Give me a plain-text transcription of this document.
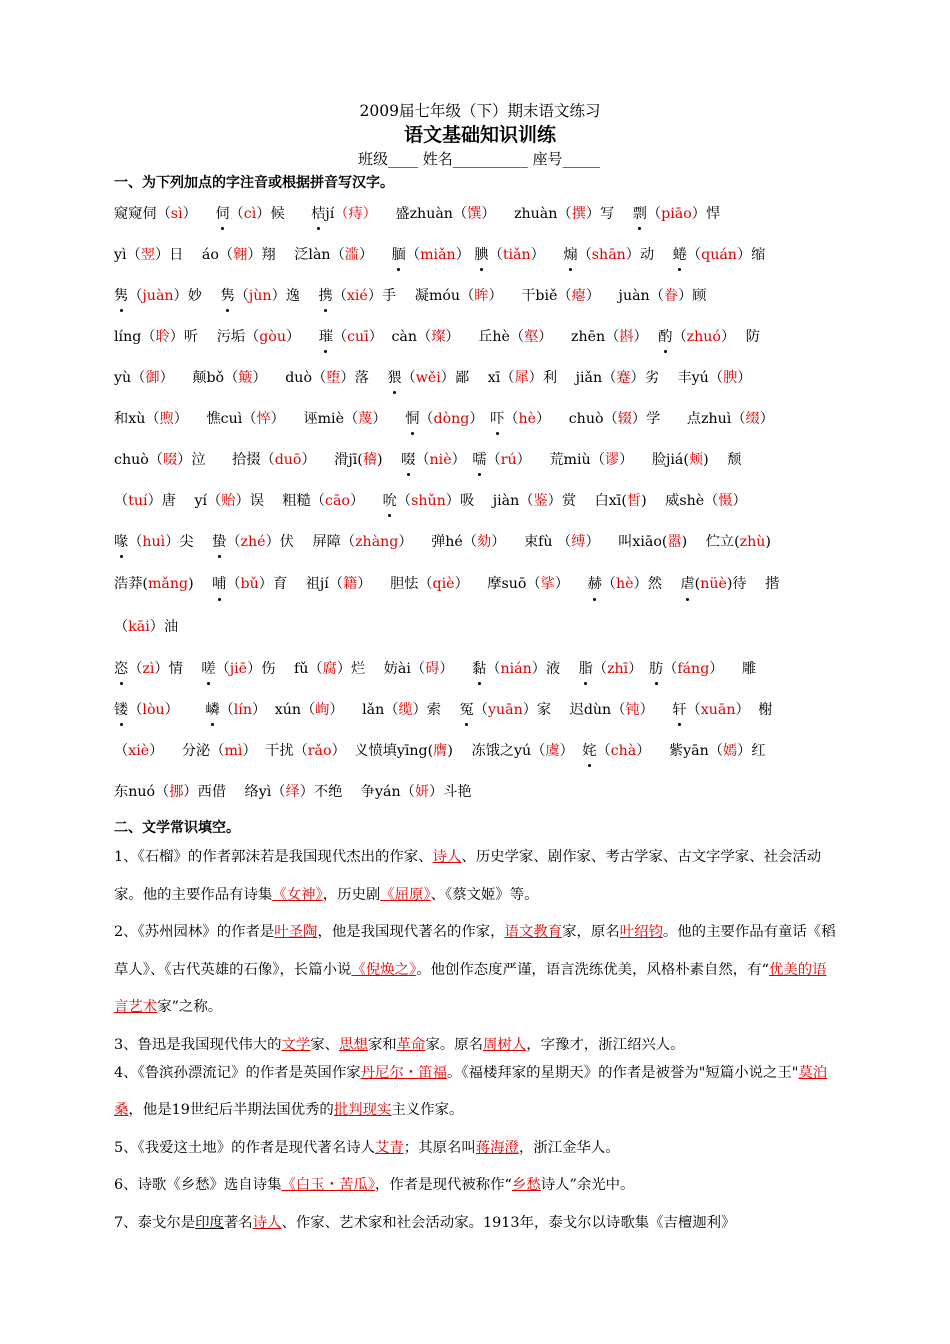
2009届七年级（下）期末语文练习
语文基础知识训练
班级____ 姓名__________ 座号_____
一、为下列加点的字注音或根据拼音写汉字。
窥窥伺（sì） 伺（cì）候 桔jí（痔） 盛zhuàn（馔） zhuàn（撰）写 剽（piāo）悍
yì（翌）日 áo（翱）翔 泛làn（滥） 腼（miǎn） 腆（tiǎn） 煽（shān）动 蜷（quán）缩
隽（juàn）妙 隽（jùn）逸 携（xié）手 凝móu（眸） 干biě（瘪） juàn（眷）顾
líng（聆）听 污垢（gòu） 璀（cuī） càn（璨） 丘hè（壑） zhēn（斟） 酌（zhuó） 防
yù（御） 颠bǒ（簸） duò（堕）落 猥（wěi）鄙 xī（犀）利 jiǎn（蹇）劣 丰yú（腴）
和xù（煦） 憔cuì（悴） 诬miè（蔑） 恫（dòng） 吓（hè） chuò（辍）学 点zhuì（缀）
chuò（啜）泣 拾掇（duō） 滑jī(稽) 啜（niè） 嚅（rú） 荒miù（谬） 脸jiá(颊) 颓
（tuí）唐 yí（贻）误 粗糙（cāo） 吮（shǔn）吸 jiàn（鉴）赏 白xī(皙) 威shè（慑）
喙（huì）尖 蛰（zhé）伏 屏障（zhàng） 弹hé（劾） 束fù （缚） 叫xiāo(嚣) 伫立(zhù)
浩莽(mǎng) 哺（bǔ）育 祖jí（籍） 胆怯（qiè） 摩suō（挲） 赫（hè）然 虐(nüè)待 揩
（kāi）油
恣（zì）情 嗟（jiē）伤 fǔ（腐）烂 妨ài（碍） 黏（nián）液 脂（zhī） 肪（fáng） 雕
镂（lòu） 嶙（lín） xún（峋） lǎn（缆）索 冤（yuān）家 迟dùn（钝） 轩（xuān） 榭
（xiè） 分泌（mì） 干扰（rǎo） 义愤填yīng(膺) 冻饿之yú（虞） 姹（chà） 紫yān（嫣）红
东nuó（挪）西借 络yì（绎）不绝 争yán（妍）斗艳
二、文学常识填空。

1、《石榴》的作者郭沫若是我国现代杰出的作家、诗人、历史学家、剧作家、考古学家、古文字学家、社会活动家。他的主要作品有诗集《女神》，历史剧《屈原》、《蔡文姬》等。

2、《苏州园林》的作者是叶圣陶，他是我国现代著名的作家，语文教育家，原名叶绍钧。他的主要作品有童话《稻草人》、《古代英雄的石像》，长篇小说《倪焕之》。他创作态度严谨，语言洗练优美，风格朴素自然，有“优美的语言艺术家”之称。

3、鲁迅是我国现代伟大的文学家、思想家和革命家。原名周树人，字豫才，浙江绍兴人。

4、《鲁滨孙漂流记》的作者是英国作家丹尼尔・笛福。《福楼拜家的星期天》的作者是被誉为"短篇小说之王"莫泊桑，他是19世纪后半期法国优秀的批判现实主义作家。

5、《我爱这土地》的作者是现代著名诗人艾青；其原名叫蒋海澄，浙江金华人。

6、诗歌《乡愁》选自诗集《白玉・苦瓜》，作者是现代被称作“乡愁诗人”余光中。

7、泰戈尔是印度著名诗人、作家、艺术家和社会活动家。1913年，泰戈尔以诗歌集《吉檀迦利》
